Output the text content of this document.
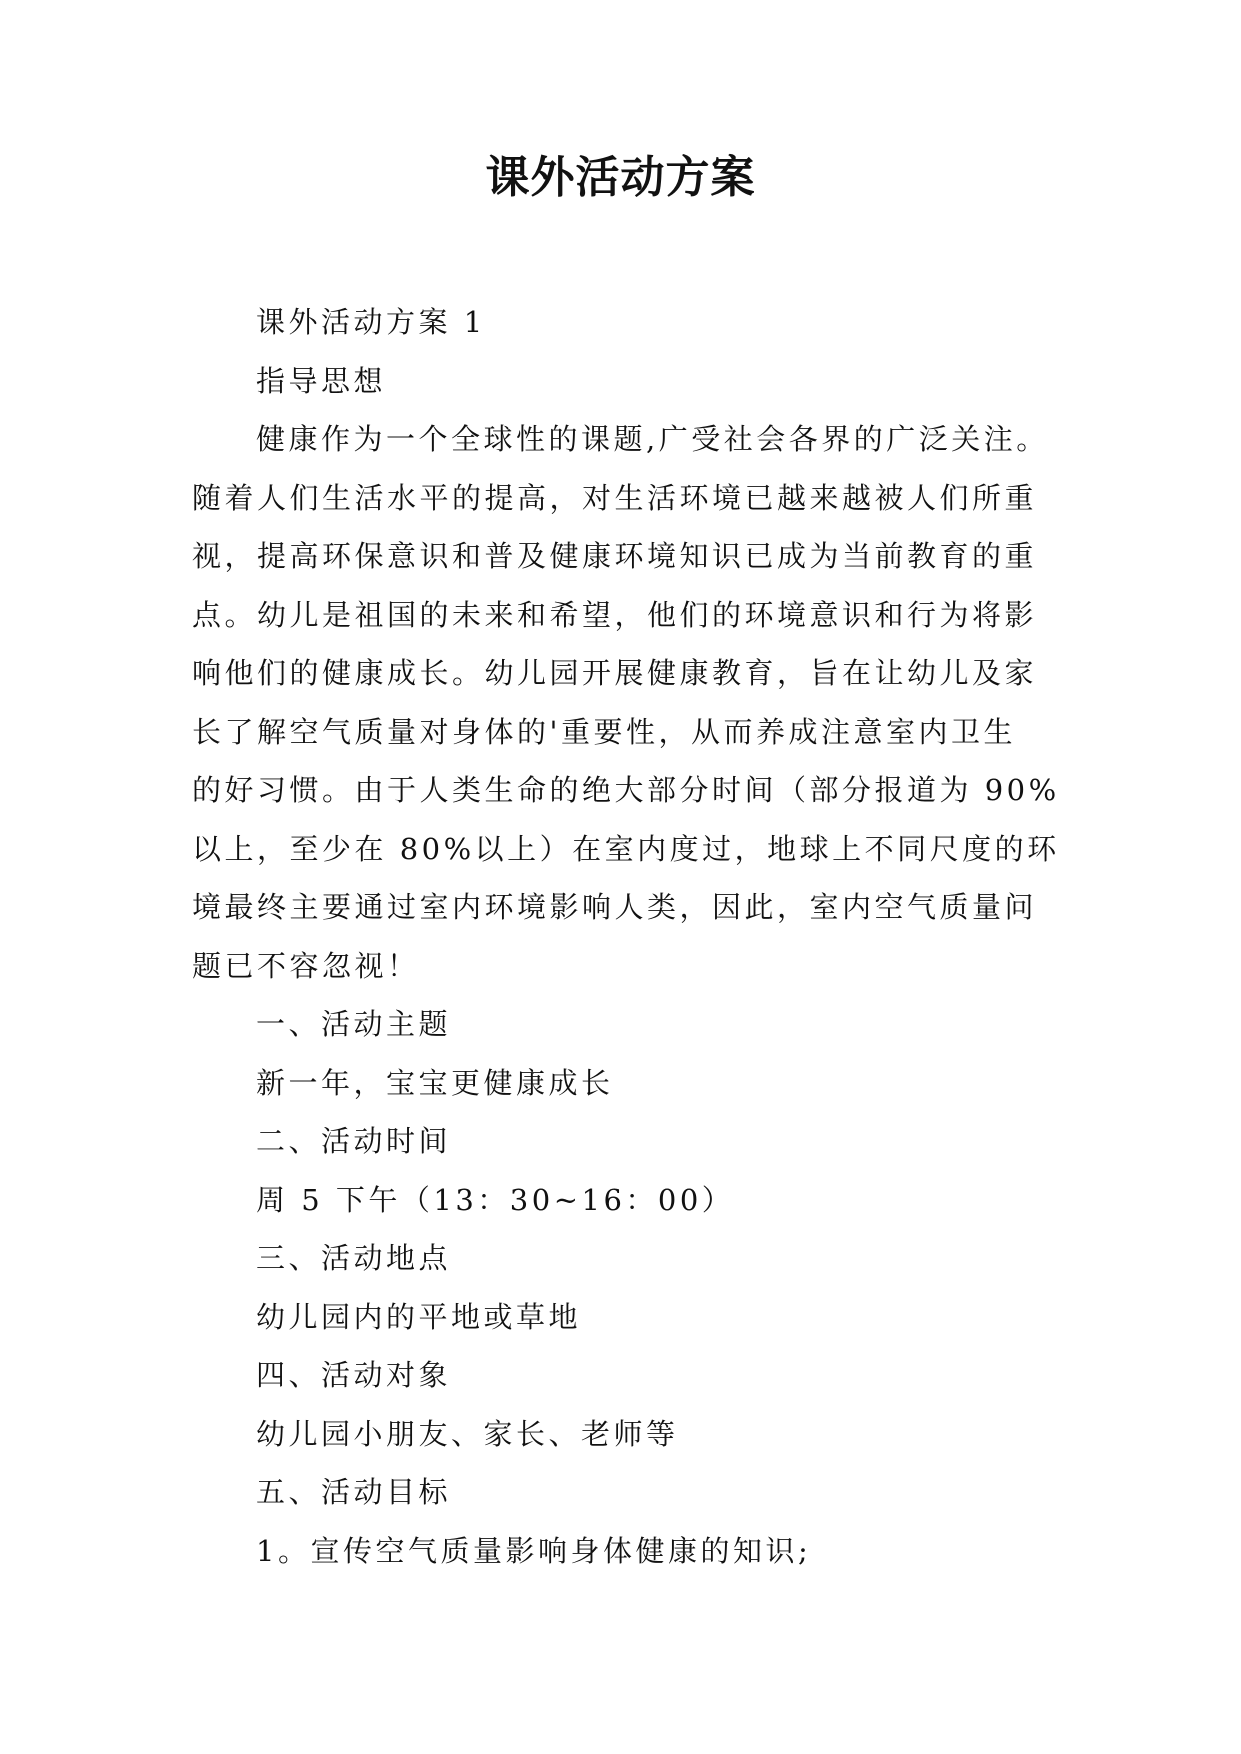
课外活动方案

课外活动方案 1

指导思想

健康作为一个全球性的课题,广受社会各界的广泛关注。

随着人们生活水平的提高，对生活环境已越来越被人们所重

视，提高环保意识和普及健康环境知识已成为当前教育的重

点。幼儿是祖国的未来和希望，他们的环境意识和行为将影

响他们的健康成长。幼儿园开展健康教育，旨在让幼儿及家

长了解空气质量对身体的'重要性，从而养成注意室内卫生

的好习惯。由于人类生命的绝大部分时间（部分报道为 90%

以上，至少在 80%以上）在室内度过，地球上不同尺度的环

境最终主要通过室内环境影响人类，因此，室内空气质量问

题已不容忽视！

一、活动主题

新一年，宝宝更健康成长

二、活动时间

周 5 下午（13：30~16：00）

三、活动地点

幼儿园内的平地或草地

四、活动对象

幼儿园小朋友、家长、老师等

五、活动目标

1。宣传空气质量影响身体健康的知识;
